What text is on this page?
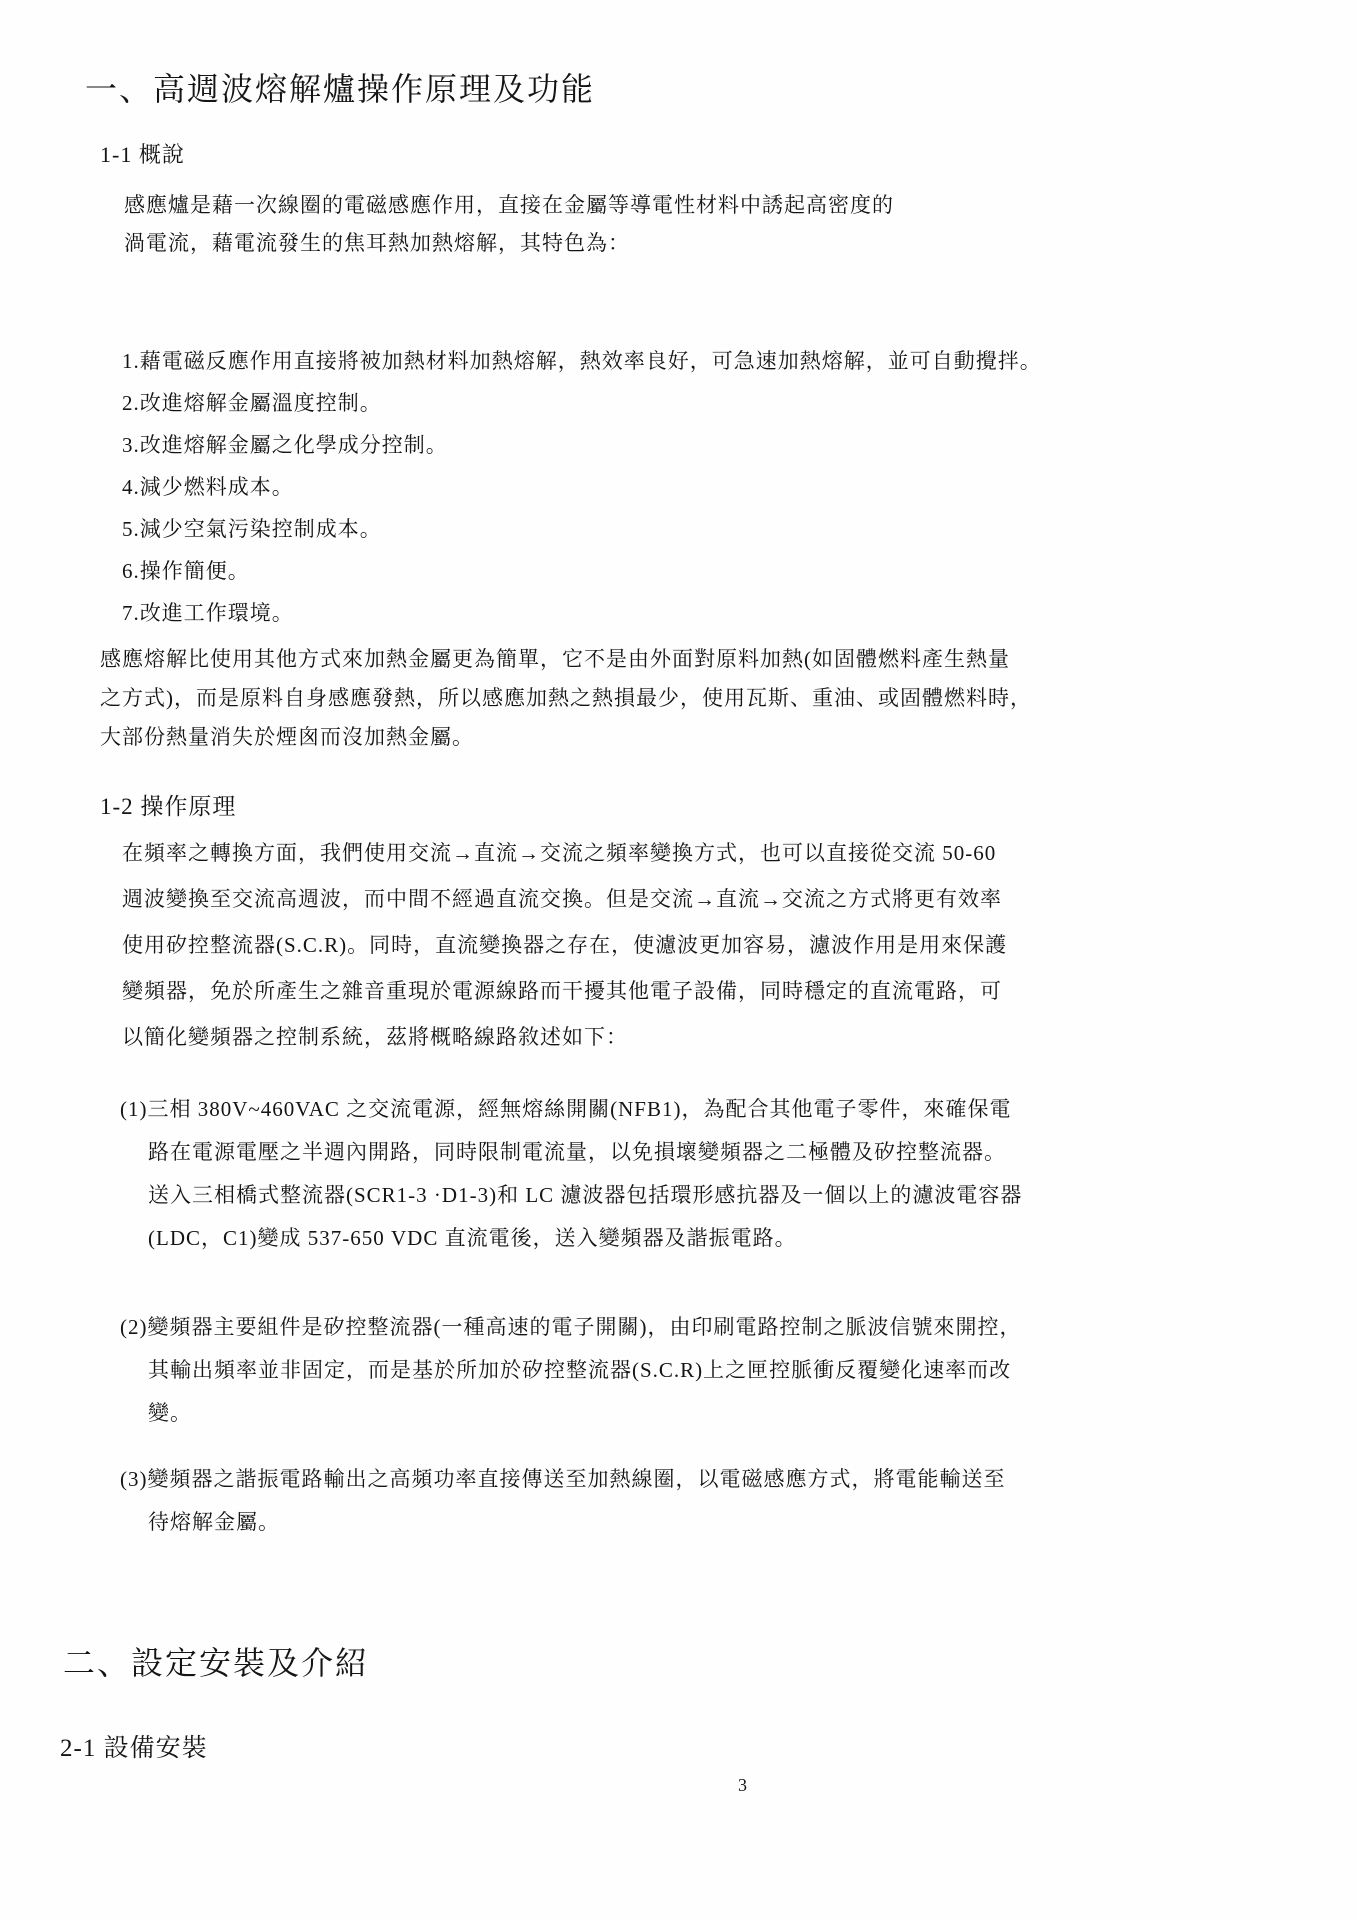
一、高週波熔解爐操作原理及功能
1-1 概說
感應爐是藉一次線圈的電磁感應作用，直接在金屬等導電性材料中誘起高密度的
渦電流，藉電流發生的焦耳熱加熱熔解，其特色為：
1.藉電磁反應作用直接將被加熱材料加熱熔解，熱效率良好，可急速加熱熔解，並可自動攪拌。
2.改進熔解金屬溫度控制。
3.改進熔解金屬之化學成分控制。
4.減少燃料成本。
5.減少空氣污染控制成本。
6.操作簡便。
7.改進工作環境。
感應熔解比使用其他方式來加熱金屬更為簡單，它不是由外面對原料加熱(如固體燃料產生熱量
之方式)，而是原料自身感應發熱，所以感應加熱之熱損最少，使用瓦斯、重油、或固體燃料時，
大部份熱量消失於煙囪而沒加熱金屬。
1-2 操作原理
在頻率之轉換方面，我們使用交流→直流→交流之頻率變換方式，也可以直接從交流 50-60
週波變換至交流高週波，而中間不經過直流交換。但是交流→直流→交流之方式將更有效率
使用矽控整流器(S.C.R)。同時，直流變換器之存在，使濾波更加容易，濾波作用是用來保護
變頻器，免於所產生之雜音重現於電源線路而干擾其他電子設備，同時穩定的直流電路，可
以簡化變頻器之控制系統，茲將概略線路敘述如下：
(1)三相 380V~460VAC 之交流電源，經無熔絲開關(NFB1)，為配合其他電子零件，來確保電
路在電源電壓之半週內開路，同時限制電流量，以免損壞變頻器之二極體及矽控整流器。
送入三相橋式整流器(SCR1-3 ·D1-3)和 LC 濾波器包括環形感抗器及一個以上的濾波電容器
(LDC，C1)變成 537-650 VDC 直流電後，送入變頻器及諧振電路。
(2)變頻器主要組件是矽控整流器(一種高速的電子開關)，由印刷電路控制之脈波信號來開控，
其輸出頻率並非固定，而是基於所加於矽控整流器(S.C.R)上之匣控脈衝反覆變化速率而改
變。
(3)變頻器之諧振電路輸出之高頻功率直接傳送至加熱線圈，以電磁感應方式，將電能輸送至
待熔解金屬。
二、設定安裝及介紹
2-1 設備安裝
3
